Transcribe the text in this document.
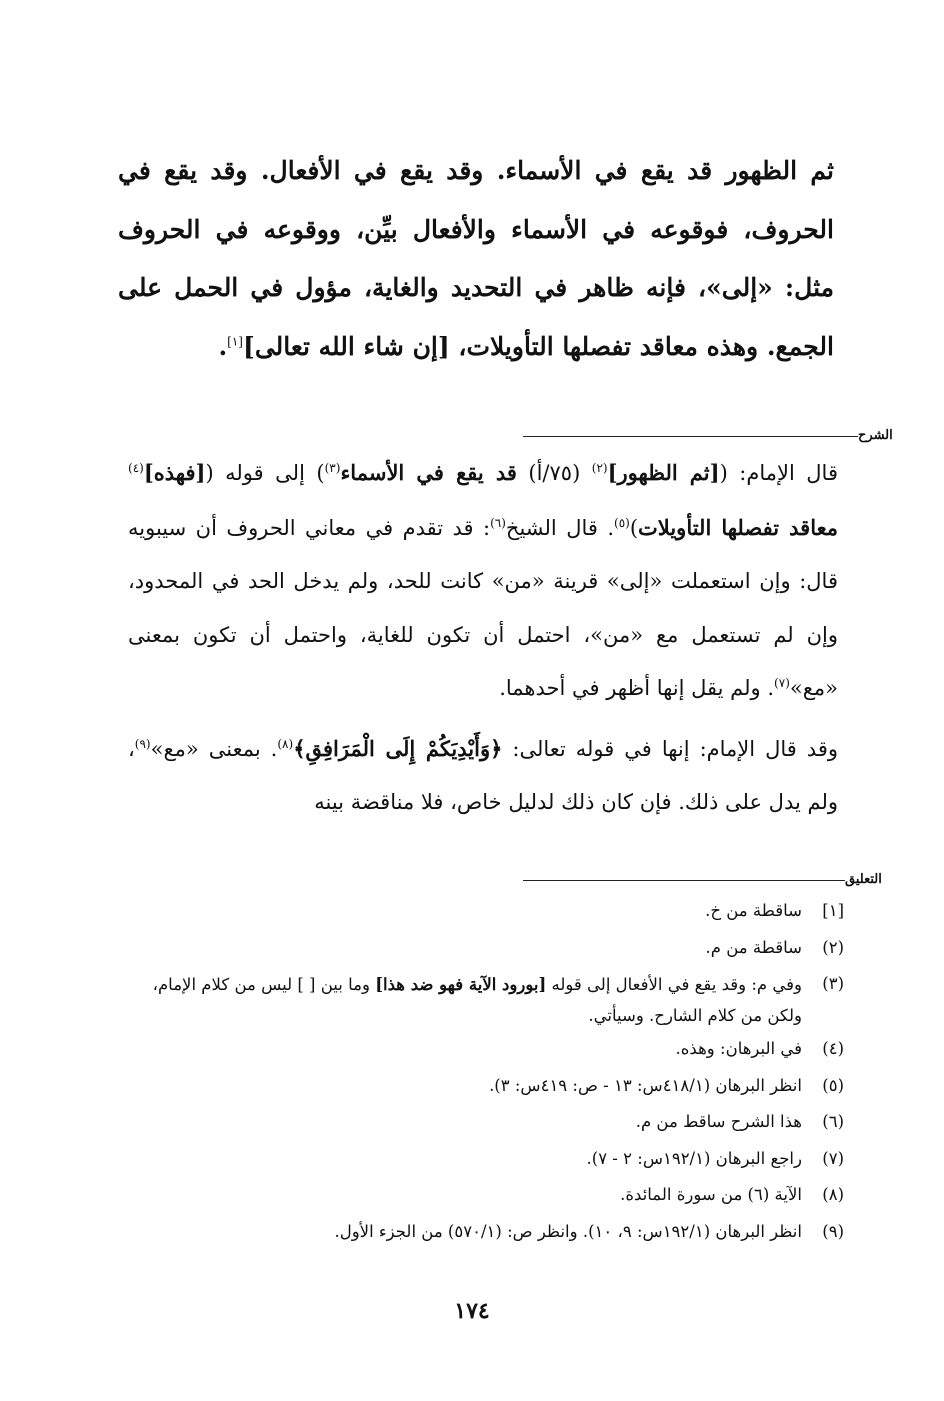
ثم الظهور قد يقع في الأسماء. وقد يقع في الأفعال. وقد يقع في الحروف، فوقوعه في الأسماء والأفعال بيِّن، ووقوعه في الحروف مثل: «إلى»، فإنه ظاهر في التحديد والغاية، مؤول في الحمل على الجمع. وهذه معاقد تفصلها التأويلات، [إن شاء الله تعالى][١].
الشرح

قال الإمام: ([ثم الظهور]$^{(٢)}$ (٧٥/أ) قد يقع في الأسماء$^{(٣)}$) إلى قوله ([فهذه]$^{(٤)}$ معاقد تفصلها التأويلات)$^{(٥)}$. قال الشيخ$^{(٦)}$: قد تقدم في معاني الحروف أن سيبويه قال: وإن استعملت «إلى» قرينة «من» كانت للحد، ولم يدخل الحد في المحدود، وإن لم تستعمل مع «من»، احتمل أن تكون للغاية، واحتمل أن تكون بمعنى «مع»$^{(٧)}$. ولم يقل إنها أظهر في أحدهما.

وقد قال الإمام: إنها في قوله تعالى: ﴿وَأَيْدِيَكُمْ إِلَى الْمَرَافِقِ﴾$^{(٨)}$. بمعنى «مع»$^{(٩)}$، ولم يدل على ذلك. فإن كان ذلك لدليل خاص، فلا مناقضة بينه

التعليق
[١]
ساقطة من خ.
(٢)
ساقطة من م.
(٣)
وفي م: وقد يقع في الأفعال إلى قوله [بورود الآية فهو ضد هذا] وما بين [ ] ليس من كلام الإمام، ولكن من كلام الشارح. وسيأتي.
(٤)
في البرهان: وهذه.
(٥)
انظر البرهان (٤١٨/١س: ١٣ - ص: ٤١٩س: ٣).
(٦)
هذا الشرح ساقط من م.
(٧)
راجع البرهان (١٩٢/١س: ٢ - ٧).
(٨)
الآية (٦) من سورة المائدة.
(٩)
انظر البرهان (١٩٢/١س: ٩، ١٠). وانظر ص: (٥٧٠/١) من الجزء الأول.
١٧٤
